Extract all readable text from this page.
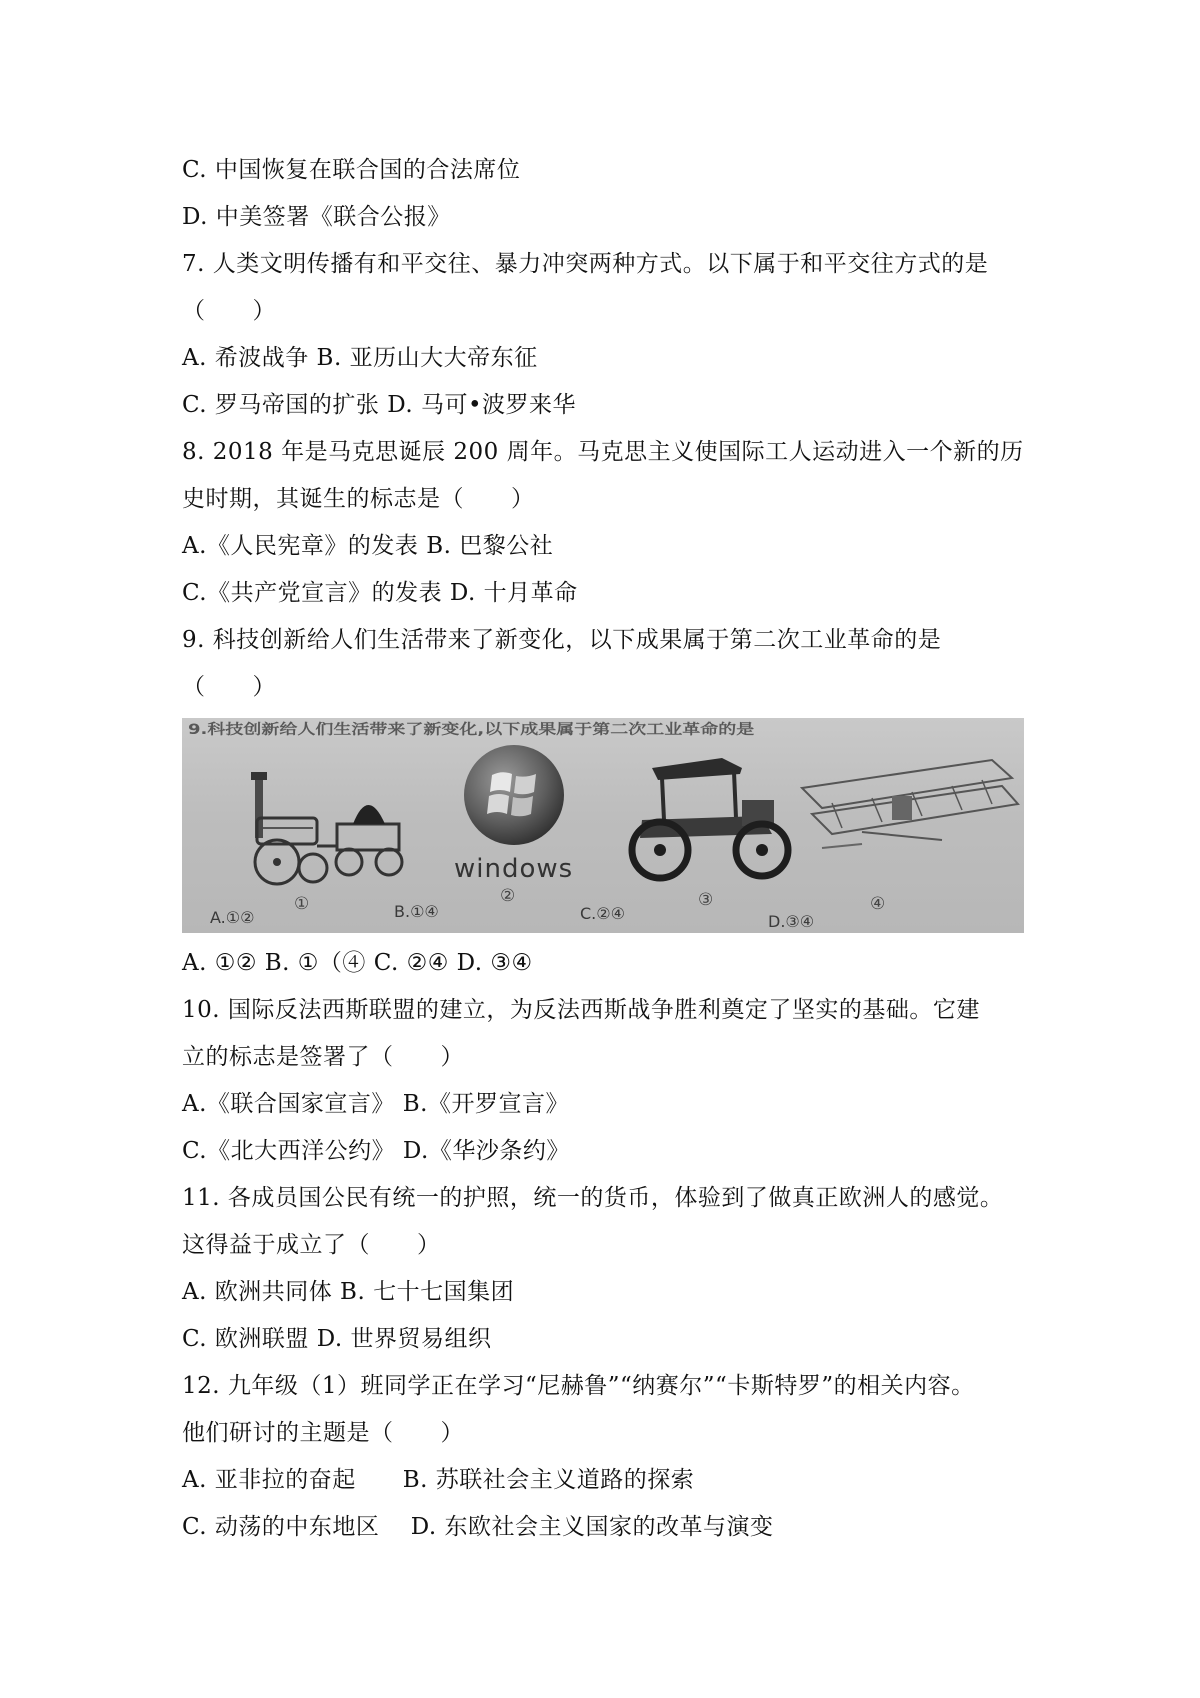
C. 中国恢复在联合国的合法席位
D. 中美签署《联合公报》
7. 人类文明传播有和平交往、暴力冲突两种方式。以下属于和平交往方式的是
（　　）
A. 希波战争 B. 亚历山大大帝东征
C. 罗马帝国的扩张 D. 马可•波罗来华
8. 2018 年是马克思诞辰 200 周年。马克思主义使国际工人运动进入一个新的历
史时期，其诞生的标志是（　　）
A.《人民宪章》的发表 B. 巴黎公社
C.《共产党宣言》的发表 D. 十月革命
9. 科技创新给人们生活带来了新变化，以下成果属于第二次工业革命的是
（　　）
9.科技创新给人们生活带来了新变化,以下成果属于第二次工业革命的是
①
windows
②	③	④
A.①②	B.①④	C.②④	D.③④
A. ①② B. ①（④ C. ②④ D. ③④
10. 国际反法西斯联盟的建立，为反法西斯战争胜利奠定了坚实的基础。它建
立的标志是签署了（　　）
A.《联合国家宣言》 B.《开罗宣言》
C.《北大西洋公约》 D.《华沙条约》
11. 各成员国公民有统一的护照，统一的货币，体验到了做真正欧洲人的感觉。
这得益于成立了（　　）
A. 欧洲共同体 B. 七十七国集团
C. 欧洲联盟 D. 世界贸易组织
12. 九年级（1）班同学正在学习“尼赫鲁”“纳赛尔”“卡斯特罗”的相关内容。
他们研讨的主题是（　　）
A. 亚非拉的奋起　　B. 苏联社会主义道路的探索
C. 动荡的中东地区　 D. 东欧社会主义国家的改革与演变
